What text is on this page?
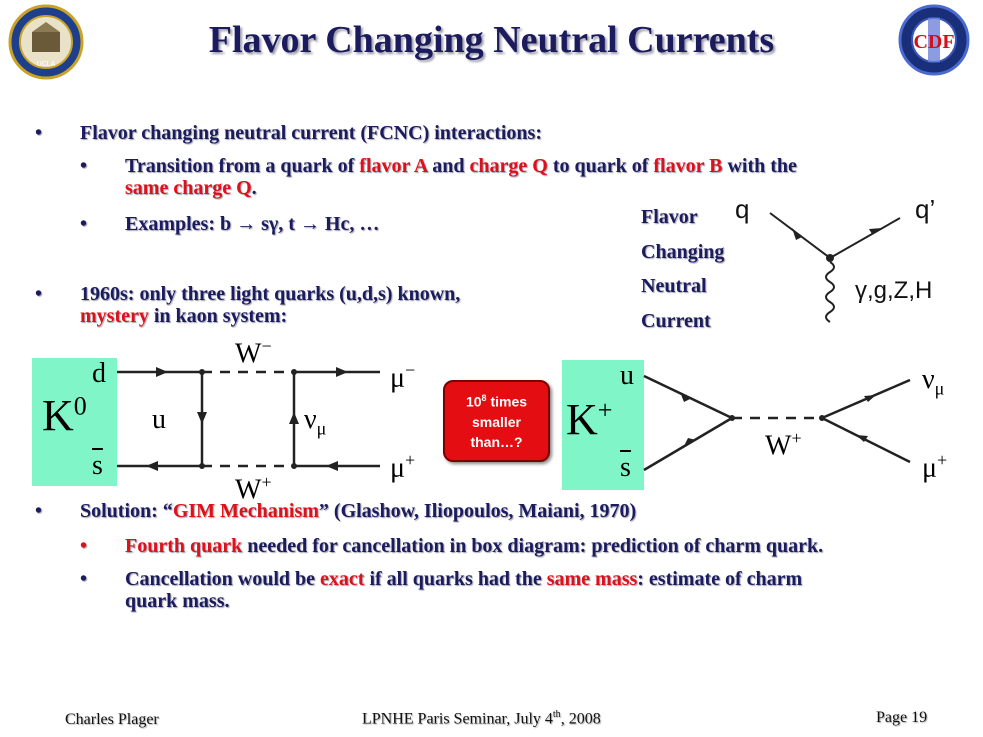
UCLA
CDF
Flavor Changing Neutral Currents
• Flavor changing neutral current (FCNC) interactions:
• Transition from a quark of flavor A and charge Q to quark of flavor B with the
same charge Q.
• Examples: b → sγ, t → Hc, …	Flavor
Changing
Neutral
Current
q	q’
γ,g,Z,H
• 1960s: only three light quarks (u,d,s) known,
mystery in kaon system:
$K^0$
d
$\overline{s}$
u
W−
W+
$\nu_\mu$
μ−
μ+
$10^8$ times
smaller
than…? K+
u
$\overline{s}$
W+
$\nu_\mu$
μ+
• Solution: “GIM Mechanism” (Glashow, Iliopoulos, Maiani, 1970)
• Fourth quark needed for cancellation in box diagram: prediction of charm quark.
• Cancellation would be exact if all quarks had the same mass: estimate of charm
quark mass.
Charles Plager	LPNHE Paris Seminar, July 4th, 2008	Page 19
